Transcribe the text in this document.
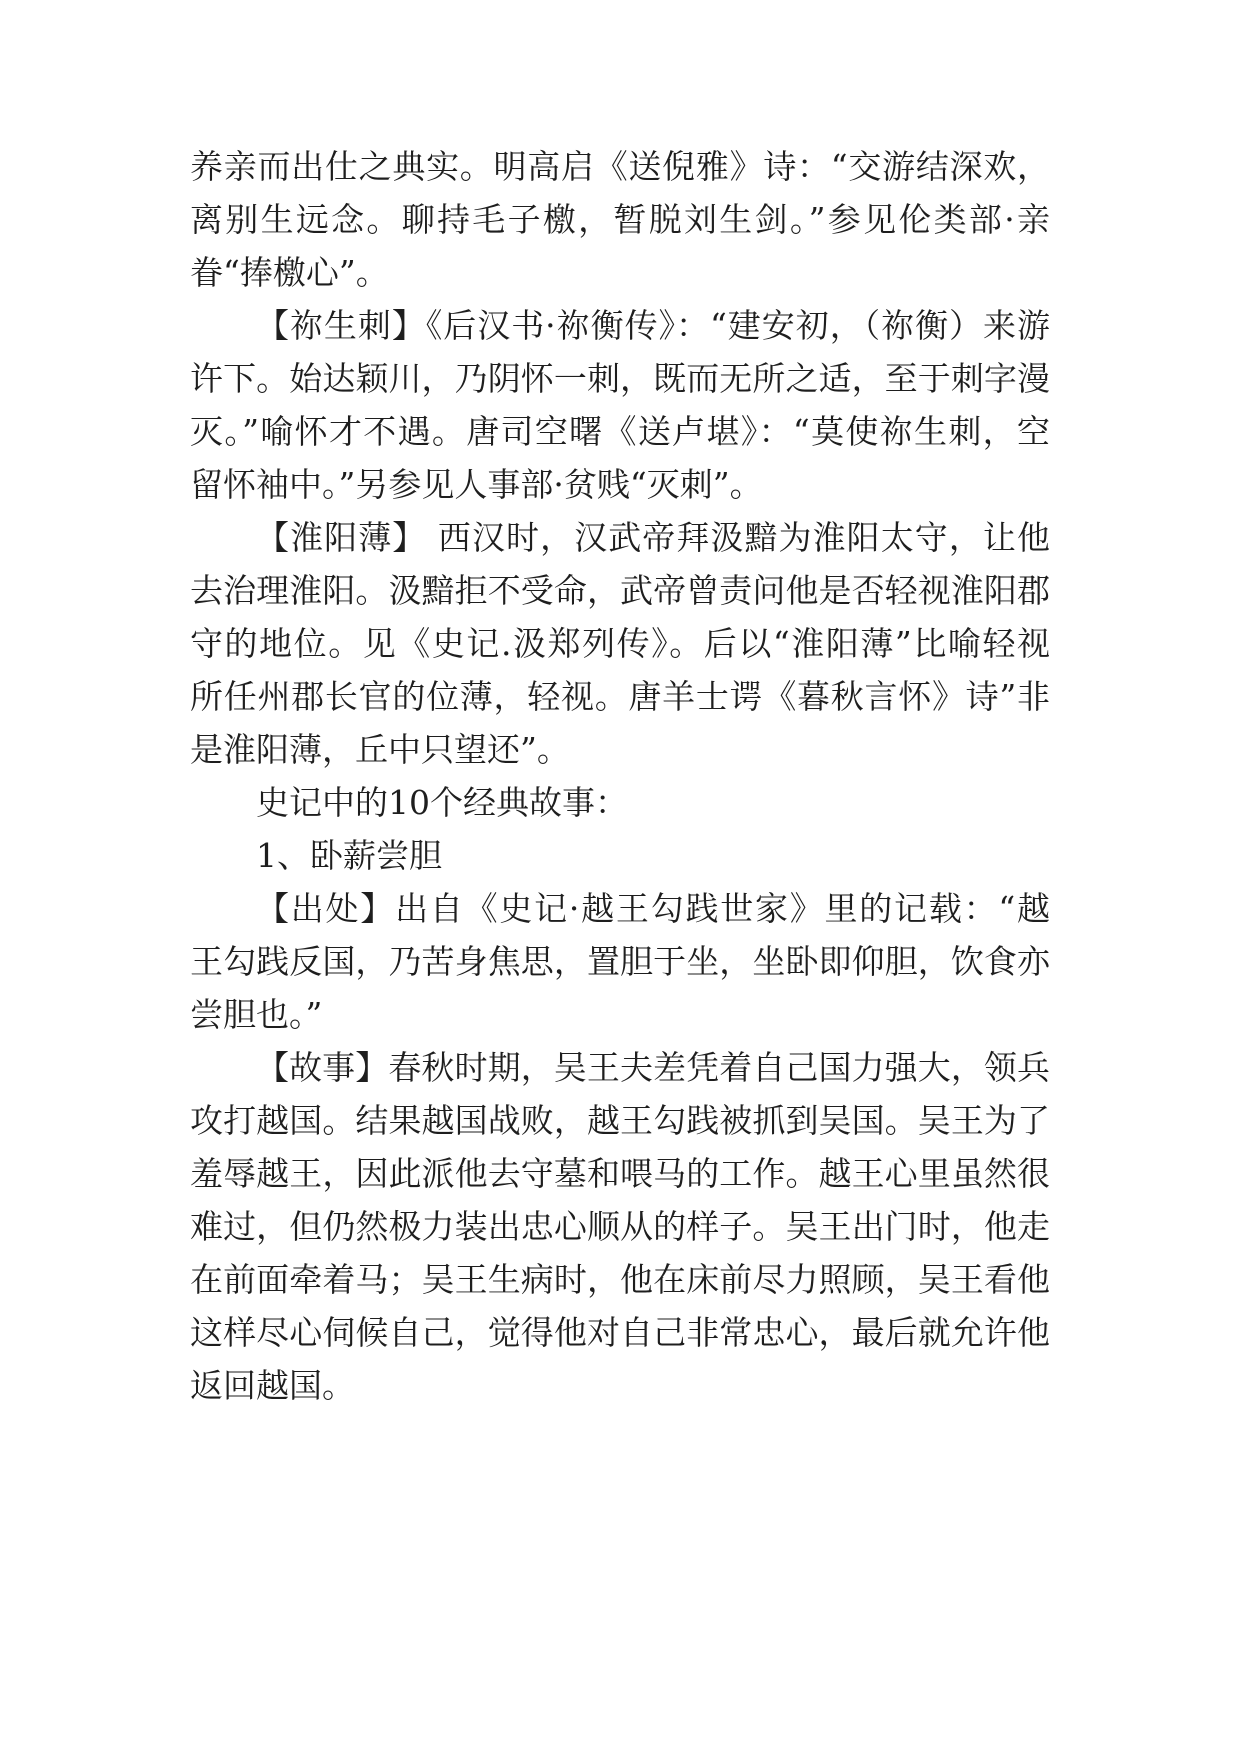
养亲而出仕之典实。明高启《送倪雅》诗：“交游结深欢，
离别生远念。聊持毛子檄，暂脱刘生剑。”参见伦类部·亲
眷“捧檄心”。
【祢生刺】《后汉书·祢衡传》：“建安初，（祢衡）来游
许下。始达颖川，乃阴怀一刺，既而无所之适，至于刺字漫
灭。”喻怀才不遇。唐司空曙《送卢堪》：“莫使祢生刺，空
留怀袖中。”另参见人事部·贫贱“灭刺”。
【淮阳薄】 西汉时，汉武帝拜汲黯为淮阳太守，让他
去治理淮阳。汲黯拒不受命，武帝曾责问他是否轻视淮阳郡
守的地位。见《史记.汲郑列传》。后以“淮阳薄”比喻轻视
所任州郡长官的位薄，轻视。唐羊士谔《暮秋言怀》诗”非
是淮阳薄，丘中只望还”。
史记中的10个经典故事：
1、卧薪尝胆
【出处】出自《史记·越王勾践世家》里的记载：“越
王勾践反国，乃苦身焦思，置胆于坐，坐卧即仰胆，饮食亦
尝胆也。”
【故事】春秋时期，吴王夫差凭着自己国力强大，领兵
攻打越国。结果越国战败，越王勾践被抓到吴国。吴王为了
羞辱越王，因此派他去守墓和喂马的工作。越王心里虽然很
难过，但仍然极力装出忠心顺从的样子。吴王出门时，他走
在前面牵着马；吴王生病时，他在床前尽力照顾，吴王看他
这样尽心伺候自己，觉得他对自己非常忠心，最后就允许他
返回越国。
